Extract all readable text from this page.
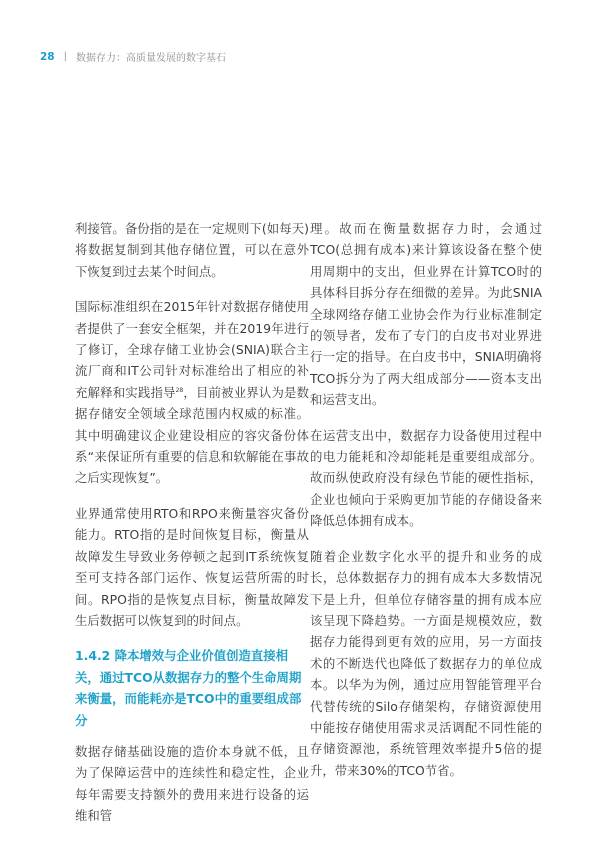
28 | 数据存力：高质量发展的数字基石

利接管。备份指的是在一定规则下(如每天)将数据复制到其他存储位置，可以在意外下恢复到过去某个时间点。

国际标准组织在2015年针对数据存储使用者提供了一套安全框架，并在2019年进行了修订，全球存储工业协会(SNIA)联合主流厂商和IT公司针对标准给出了相应的补充解释和实践指导$^{28}$，目前被业界认为是数据存储安全领域全球范围内权威的标准。其中明确建议企业建设相应的容灾备份体系“来保证所有重要的信息和软解能在事故之后实现恢复”。

业界通常使用RTO和RPO来衡量容灾备份能力。RTO指的是时间恢复目标，衡量从故障发生导致业务停顿之起到IT系统恢复至可支持各部门运作、恢复运营所需的时间。RPO指的是恢复点目标，衡量故障发生后数据可以恢复到的时间点。

1.4.2 降本增效与企业价值创造直接相关，通过TCO从数据存力的整个生命周期来衡量，而能耗亦是TCO中的重要组成部分

数据存储基础设施的造价本身就不低，且为了保障运营中的连续性和稳定性，企业每年需要支持额外的费用来进行设备的运维和管

理。故而在衡量数据存力时，会通过TCO(总拥有成本)来计算该设备在整个使用周期中的支出，但业界在计算TCO时的具体科目拆分存在细微的差异。为此SNIA全球网络存储工业协会作为行业标准制定的领导者，发布了专门的白皮书对业界进行一定的指导。在白皮书中，SNIA明确将TCO拆分为了两大组成部分——资本支出和运营支出。

在运营支出中，数据存力设备使用过程中的电力能耗和冷却能耗是重要组成部分。故而纵使政府没有绿色节能的硬性指标，企业也倾向于采购更加节能的存储设备来降低总体拥有成本。

随着企业数字化水平的提升和业务的成长，总体数据存力的拥有成本大多数情况下是上升，但单位存储容量的拥有成本应该呈现下降趋势。一方面是规模效应，数据存力能得到更有效的应用，另一方面技术的不断迭代也降低了数据存力的单位成本。以华为为例，通过应用智能管理平台代替传统的Silo存储架构，存储资源使用中能按存储使用需求灵活调配不同性能的存储资源池，系统管理效率提升5倍的提升，带来30%的TCO节省。
